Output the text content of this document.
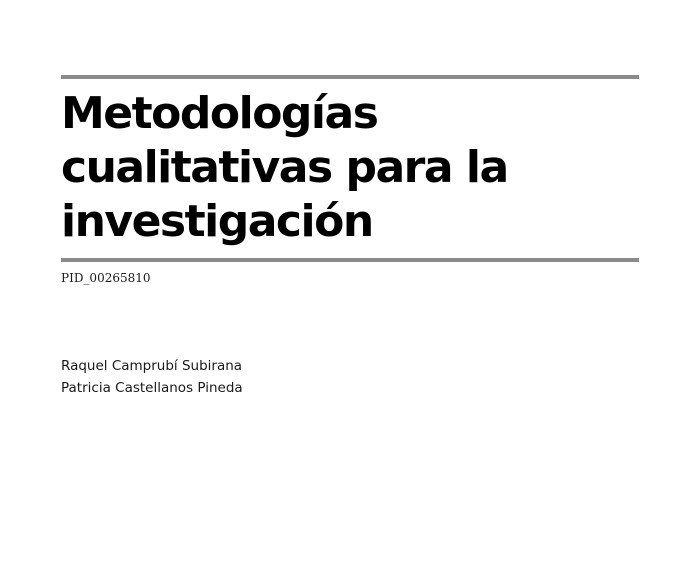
Metodologías
cualitativas para la
investigación
PID_00265810
Raquel Camprubí Subirana
Patricia Castellanos Pineda
